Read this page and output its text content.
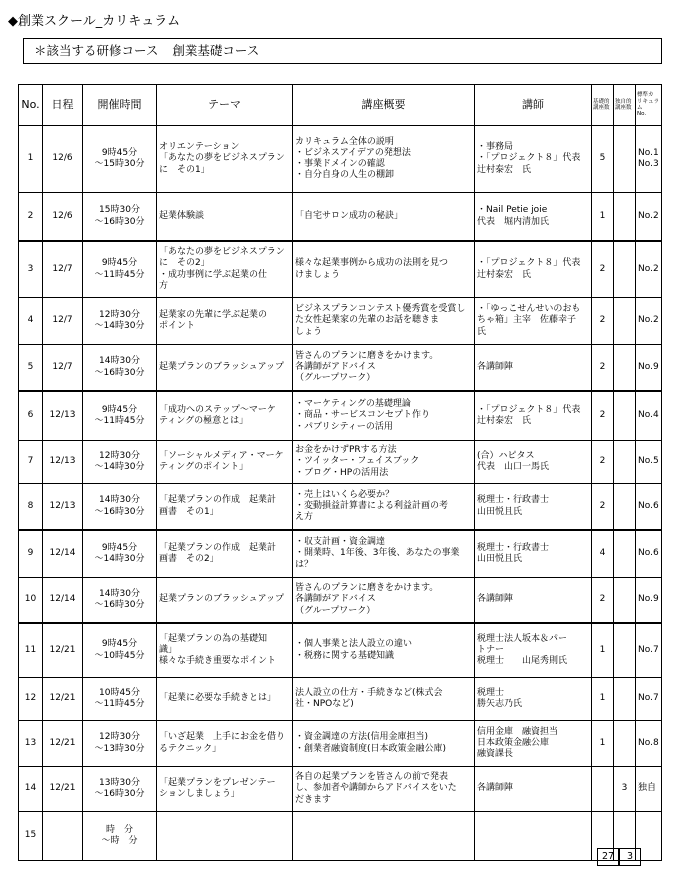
◆創業スクール_カリキュラム
＊該当する研修コース 創業基礎コース
No.	日程	開催時間	テーマ	講座概要	講師	基礎的
講座数	独自的
講座数	標準カ
リキュラム
No.
1	12/6	9時45分
～15時30分	オリエンテーション
「あなたの夢をビジネスプラン
に　その1」	カリキュラム全体の説明
・ビジネスアイデアの発想法
・事業ドメインの確認
・自分自身の人生の棚卸	・事務局
・「プロジェクト８」代表
辻村泰宏　氏	5		No.1
No.3
2	12/6	15時30分
～16時30分	起業体験談	「自宅サロン成功の秘訣」	・Nail Petie joie
代表　堀内清加氏	1		No.2
3	12/7	9時45分
～11時45分	「あなたの夢をビジネスプラン
に　その2」
・成功事例に学ぶ起業の仕
方	様々な起業事例から成功の法則を見つ
けましょう	・「プロジェクト８」代表
辻村泰宏　氏	2		No.2
4	12/7	12時30分
～14時30分	起業家の先輩に学ぶ起業の
ポイント	ビジネスプランコンテスト優秀賞を受賞し
た女性起業家の先輩のお話を聴きま
しょう	・「ゆっこせんせいのおも
ちゃ箱」主宰　佐藤幸子
氏	2		No.2
5	12/7	14時30分
～16時30分	起業プランのブラッシュアップ	皆さんのプランに磨きをかけます。
各講師がアドバイス
（グループワーク）	各講師陣	2		No.9
6	12/13	9時45分
～11時45分	「成功へのステップ～マーケ
ティングの極意とは」	・マーケティングの基礎理論
・商品・サービスコンセプト作り
・パブリシティーの活用	・「プロジェクト８」代表
辻村泰宏　氏	2		No.4
7	12/13	12時30分
～14時30分	「ソーシャルメディア・マーケ
ティングのポイント」	お金をかけずPRする方法
・ツイッター・フェイスブック
・ブログ・HPの活用法	(合）ハピタス
代表　山口一馬氏	2		No.5
8	12/13	14時30分
～16時30分	「起業プランの作成　起業計
画書　その1」	・売上はいくら必要か？
・変動損益計算書による利益計画の考
え方	税理士・行政書士
山田悦且氏	2		No.6
9	12/14	9時45分
～14時30分	「起業プランの作成　起業計
画書　その2」	・収支計画・資金調達
・開業時、1年後、3年後、あなたの事業
は？	税理士・行政書士
山田悦且氏	4		No.6
10	12/14	14時30分
～16時30分	起業プランのブラッシュアップ	皆さんのプランに磨きをかけます。
各講師がアドバイス
（グループワーク）	各講師陣	2		No.9
11	12/21	9時45分
～10時45分	「起業プランの為の基礎知
識」
様々な手続き重要なポイント	・個人事業と法人設立の違い
・税務に関する基礎知識	税理士法人坂本＆パー
トナー
税理士　　山尾秀則氏	1		No.7
12	12/21	10時45分
～11時45分	「起業に必要な手続きとは」	法人設立の仕方・手続きなど(株式会
社・NPOなど)	税理士
勝矢志乃氏	1		No.7
13	12/21	12時30分
～13時30分	「いざ起業　上手にお金を借り
るテクニック」	・資金調達の方法(信用金庫担当)
・創業者融資制度(日本政策金融公庫)	信用金庫　融資担当
日本政策金融公庫
融資課長	1		No.8
14	12/21	13時30分
～16時30分	「起業プランをプレゼンテー
ションしましょう」	各自の起業プランを皆さんの前で発表
し、参加者や講師からアドバイスをいた
だきます	各講師陣		3	独自
15		時　分
～時　分						
27	3
